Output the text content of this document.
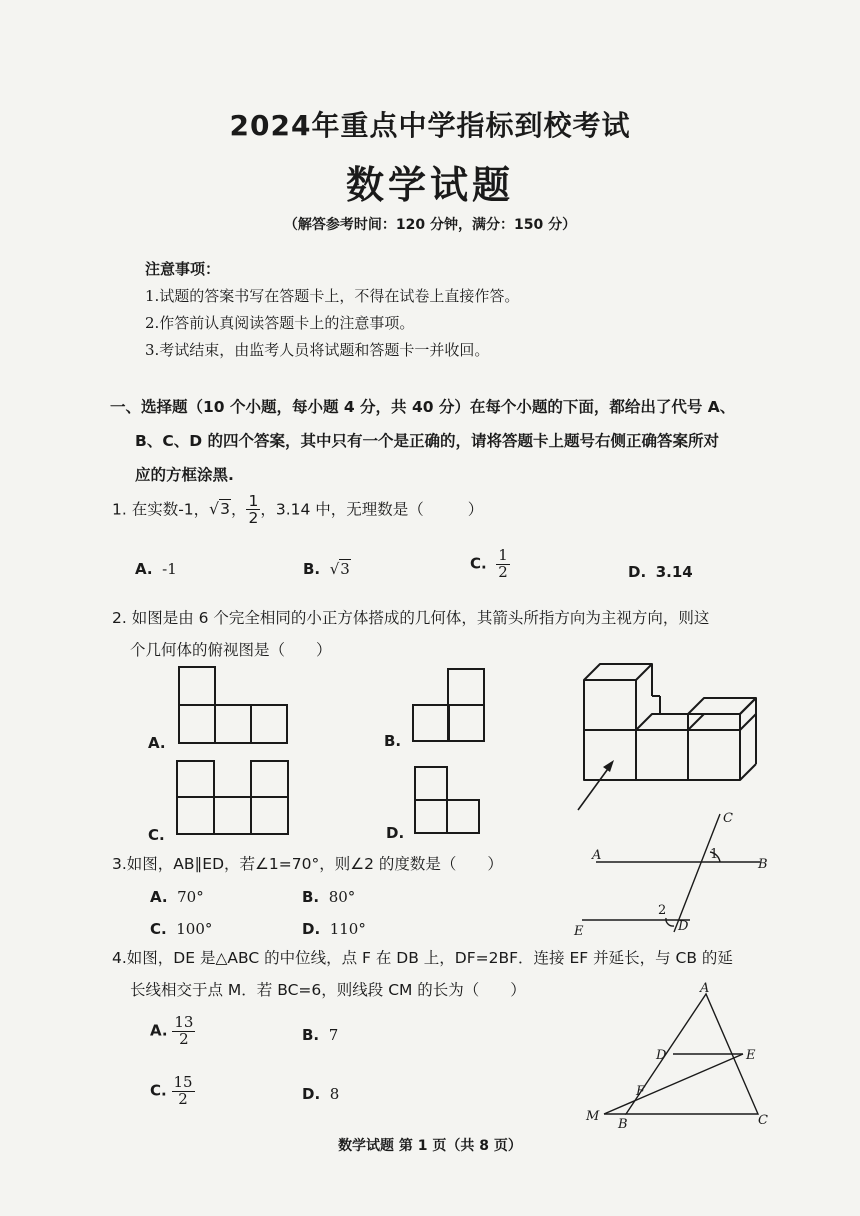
2024年重点中学指标到校考试
数学试题
（解答参考时间：120 分钟，满分：150 分）
注意事项：
1.试题的答案书写在答题卡上，不得在试卷上直接作答。
2.作答前认真阅读答题卡上的注意事项。
3.考试结束，由监考人员将试题和答题卡一并收回。
一、选择题（10 个小题，每小题 4 分，共 40 分）在每个小题的下面，都给出了代号 A、
B、C、D 的四个答案，其中只有一个是正确的，请将答题卡上题号右侧正确答案所对
应的方框涂黑.
1. 在实数-1，√3， $\frac{1}{2}$ ，3.14 中，无理数是（	）
A. -1	B. √3	C. $\frac{1}{2}$	D. 3.14
2. 如图是由 6 个完全相同的小正方体搭成的几何体，其箭头所指方向为主视方向，则这
个几何体的俯视图是（　　）
A.	B.
C.	D.
3.如图，AB∥ED，若∠1=70°，则∠2 的度数是（　　）
A. 70°	B. 80°
C. 100°	D. 110°
A
B
C
D
E
1
2
4.如图，DE 是△ABC 的中位线，点 F 在 DB 上，DF=2BF．连接 EF 并延长，与 CB 的延
长线相交于点 M．若 BC=6，则线段 CM 的长为（　　）
A. $\frac{13}{2}$	B. 7
C. $\frac{15}{2}$	D. 8
A
B	C
D	E
F
M
数学试题 第 1 页（共 8 页）
